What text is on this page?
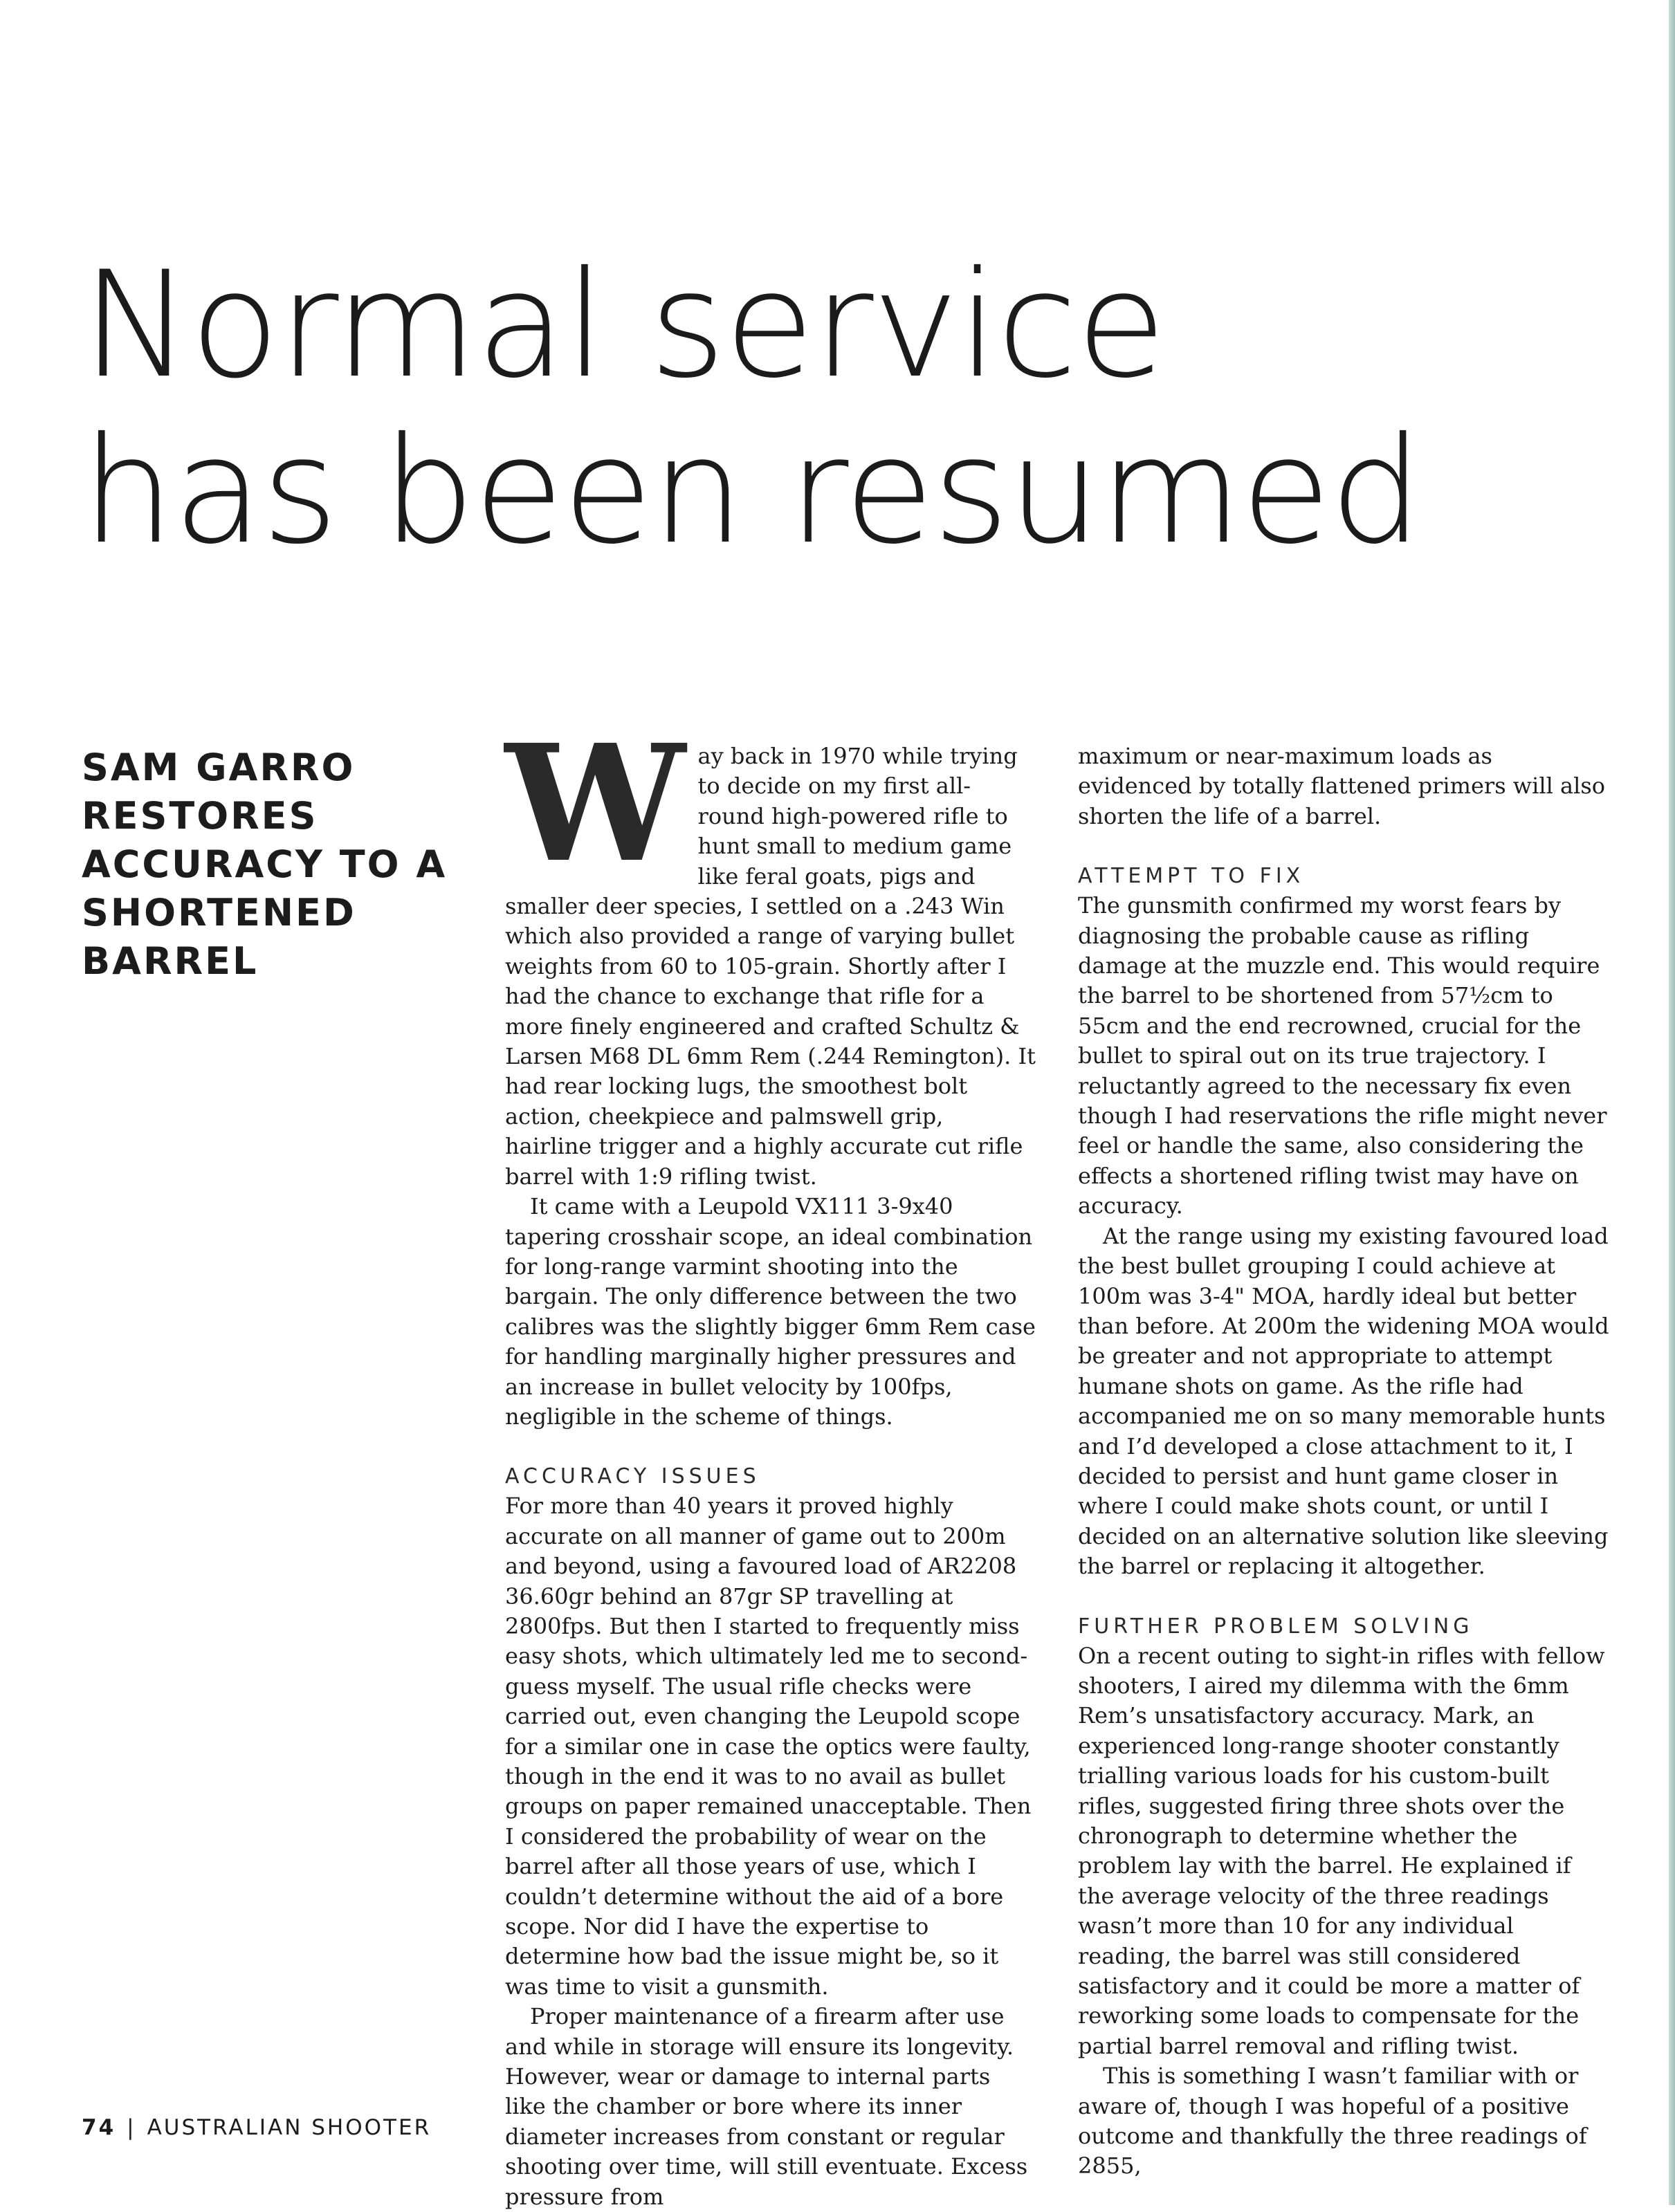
Normal service
has been resumed

SAM GARRO RESTORES ACCURACY TO A SHORTENED BARREL

Way back in 1970 while trying to decide on my first all-round high-powered rifle to hunt small to medium game like feral goats, pigs and smaller deer species, I settled on a .243 Win which also provided a range of varying bullet weights from 60 to 105-grain. Shortly after I had the chance to exchange that rifle for a more finely engineered and crafted Schultz & Larsen M68 DL 6mm Rem (.244 Remington). It had rear locking lugs, the smoothest bolt action, cheekpiece and palmswell grip, hairline trigger and a highly accurate cut rifle barrel with 1:9 rifling twist.

It came with a Leupold VX111 3-9x40 tapering crosshair scope, an ideal combination for long-range varmint shooting into the bargain. The only difference between the two calibres was the slightly bigger 6mm Rem case for handling marginally higher pressures and an increase in bullet velocity by 100fps, negligible in the scheme of things.

ACCURACY ISSUES

For more than 40 years it proved highly accurate on all manner of game out to 200m and beyond, using a favoured load of AR2208 36.60gr behind an 87gr SP travelling at 2800fps. But then I started to frequently miss easy shots, which ultimately led me to second-guess myself. The usual rifle checks were carried out, even changing the Leupold scope for a similar one in case the optics were faulty, though in the end it was to no avail as bullet groups on paper remained unacceptable. Then I considered the probability of wear on the barrel after all those years of use, which I couldn’t determine without the aid of a bore scope. Nor did I have the expertise to determine how bad the issue might be, so it was time to visit a gunsmith.

Proper maintenance of a firearm after use and while in storage will ensure its longevity. However, wear or damage to internal parts like the chamber or bore where its inner diameter increases from constant or regular shooting over time, will still eventuate. Excess pressure from

maximum or near-maximum loads as evidenced by totally flattened primers will also shorten the life of a barrel.

ATTEMPT TO FIX

The gunsmith confirmed my worst fears by diagnosing the probable cause as rifling damage at the muzzle end. This would require the barrel to be shortened from 57½cm to 55cm and the end recrowned, crucial for the bullet to spiral out on its true trajectory. I reluctantly agreed to the necessary fix even though I had reservations the rifle might never feel or handle the same, also considering the effects a shortened rifling twist may have on accuracy.

At the range using my existing favoured load the best bullet grouping I could achieve at 100m was 3-4" MOA, hardly ideal but better than before. At 200m the widening MOA would be greater and not appropriate to attempt humane shots on game. As the rifle had accompanied me on so many memorable hunts and I’d developed a close attachment to it, I decided to persist and hunt game closer in where I could make shots count, or until I decided on an alternative solution like sleeving the barrel or replacing it altogether.

FURTHER PROBLEM SOLVING

On a recent outing to sight-in rifles with fellow shooters, I aired my dilemma with the 6mm Rem’s unsatisfactory accuracy. Mark, an experienced long-range shooter constantly trialling various loads for his custom-built rifles, suggested firing three shots over the chronograph to determine whether the problem lay with the barrel. He explained if the average velocity of the three readings wasn’t more than 10 for any individual reading, the barrel was still considered satisfactory and it could be more a matter of reworking some loads to compensate for the partial barrel removal and rifling twist.

This is something I wasn’t familiar with or aware of, though I was hopeful of a positive outcome and thankfully the three readings of 2855,

74 | AUSTRALIAN SHOOTER
